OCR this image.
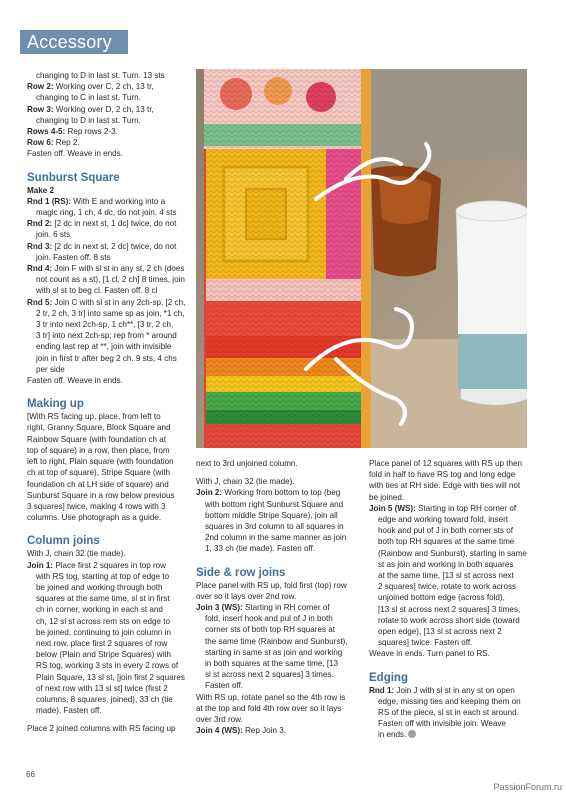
Accessory

changing to D in last st. Turn. 13 sts

Row 2: Working over C, 2 ch, 13 tr,

changing to C in last st. Turn.

Row 3: Working over D, 2 ch, 13 tr,

changing to D in last st. Turn.

Rows 4-5: Rep rows 2-3.

Row 6: Rep 2.

Fasten off. Weave in ends.

Sunburst Square

Make 2

Rnd 1 (RS): With E and working into a

magic ring, 1 ch, 4 dc, do not join. 4 sts

Rnd 2: [2 dc in next st, 1 dc] twice, do not

join. 6 sts

Rnd 3: [2 dc in next st, 2 dc] twice, do not

join. Fasten off. 8 sts

Rnd 4: Join F with sl st in any st, 2 ch (does

not count as a st), [1 cl, 2 ch] 8 times, join

with sl st to beg cl. Fasten off. 8 cl

Rnd 5: Join C with sl st in any 2ch-sp, [2 ch,

2 tr, 2 ch, 3 tr] into same sp as join, *1 ch,

3 tr into next 2ch-sp, 1 ch**, [3 tr, 2 ch,

3 tr] into next 2ch-sp; rep from * around

ending last rep at **, join with invisible

join in first tr after beg 2 ch. 9 sts, 4 chs

per side

Fasten off. Weave in ends.

Making up

[With RS facing up, place, from left to

right, Granny Square, Block Square and

Rainbow Square (with foundation ch at

top of square) in a row, then place, from

left to right, Plain square (with foundation

ch at top of square), Stripe Square (with

foundation ch at LH side of square) and

Sunburst Square in a row below previous

3 squares] twice, making 4 rows with 3

columns. Use photograph as a guide.

Column joins

With J, chain 32 (tie made).

Join 1: Place first 2 squares in top row

with RS tog, starting at top of edge to

be joined and working through both

squares at the same time, sl st in first

ch in corner, working in each st and

ch, 12 sl st across rem sts on edge to

be joined, continuing to join column in

next row, place first 2 squares of row

below (Plain and Stripe Squares) with

RS tog, working 3 sts in every 2 rows of

Plain Square, 13 sl st, [join first 2 squares

of next row with 13 sl st] twice (first 2

columns, 8 squares, joined), 33 ch (tie

made). Fasten off.

Place 2 joined columns with RS facing up

next to 3rd unjoined column.

With J, chain 32 (tie made).

Join 2: Working from bottom to top (beg

with bottom right Sunburst Square and

bottom middle Stripe Square), join all

squares in 3rd column to all squares in

2nd column in the same manner as join

1, 33 ch (tie made). Fasten off.

Side & row joins

Place panel with RS up, fold first (top) row

over so it lays over 2nd row.

Join 3 (WS): Starting in RH corner of

fold, insert hook and pul of J in both

corner sts of both top RH squares at

the same time (Rainbow and Sunburst),

starting in same st as join and working

in both squares at the same time, [13

sl st across next 2 squares] 3 times.

Fasten off.

With RS up, rotate panel so the 4th row is

at the top and fold 4th row over so it lays

over 3rd row.

Join 4 (WS): Rep Join 3.

Place panel of 12 squares with RS up then

fold in half to have RS tog and long edge

with ties at RH side. Edge with ties will not

be joined.

Join 5 (WS): Starting in top RH corner of

edge and working toward fold, insert

hook and pul of J in both corner sts of

both top RH squares at the same time

(Rainbow and Sunburst), starting in same

st as join and working in both squares

at the same time, [13 sl st across next

2 squares] twice, rotate to work across

unjoined bottom edge (across fold),

[13 sl st across next 2 squares] 3 times,

rotate to work across short side (toward

open edge), [13 sl st across next 2

squares] twice. Fasten off.

Weave in ends. Turn panel to RS.

Edging

Rnd 1: Join J with sl st in any st on open

edge, missing ties and keeping them on

RS of the piece, sl st in each st around.

Fasten off with invisible join. Weave

in ends.

66
PassionForum.ru
